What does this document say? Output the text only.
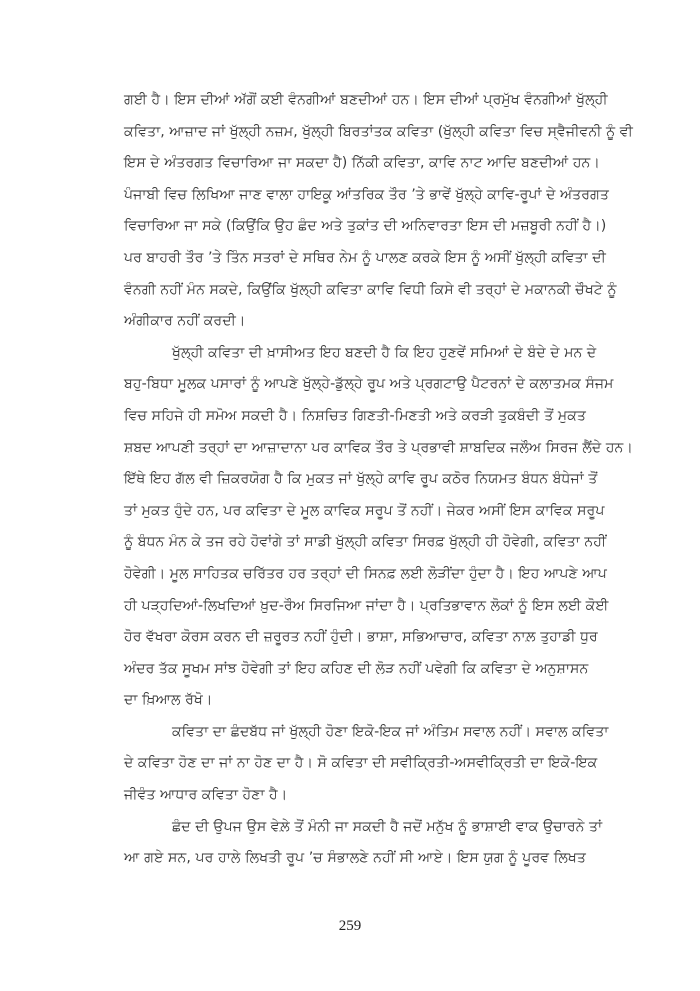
ਗਈ ਹੈ। ਇਸ ਦੀਆਂ ਅੱਗੋਂ ਕਈ ਵੰਨਗੀਆਂ ਬਣਦੀਆਂ ਹਨ। ਇਸ ਦੀਆਂ ਪ੍ਰਮੁੱਖ ਵੰਨਗੀਆਂ ਖੁੱਲ੍ਹੀ
ਕਵਿਤਾ, ਆਜ਼ਾਦ ਜਾਂ ਖੁੱਲ੍ਹੀ ਨਜ਼ਮ, ਖੁੱਲ੍ਹੀ ਬਿਰਤਾਂਤਕ ਕਵਿਤਾ (ਖੁੱਲ੍ਹੀ ਕਵਿਤਾ ਵਿਚ ਸ੍ਵੈਜੀਵਨੀ ਨੂੰ ਵੀ
ਇਸ ਦੇ ਅੰਤਰਗਤ ਵਿਚਾਰਿਆ ਜਾ ਸਕਦਾ ਹੈ) ਨਿੱਕੀ ਕਵਿਤਾ, ਕਾਵਿ ਨਾਟ ਆਦਿ ਬਣਦੀਆਂ ਹਨ।
ਪੰਜਾਬੀ ਵਿਚ ਲਿਖਿਆ ਜਾਣ ਵਾਲਾ ਹਾਇਕੂ ਆਂਤਰਿਕ ਤੌਰ ’ਤੇ ਭਾਵੇਂ ਖੁੱਲ੍ਹੇ ਕਾਵਿ-ਰੂਪਾਂ ਦੇ ਅੰਤਰਗਤ
ਵਿਚਾਰਿਆ ਜਾ ਸਕੇ (ਕਿਉਂਕਿ ਉਹ ਛੰਦ ਅਤੇ ਤੁਕਾਂਤ ਦੀ ਅਨਿਵਾਰਤਾ ਇਸ ਦੀ ਮਜ਼ਬੂਰੀ ਨਹੀਂ ਹੈ।)
ਪਰ ਬਾਹਰੀ ਤੌਰ ’ਤੇ ਤਿੰਨ ਸਤਰਾਂ ਦੇ ਸਥਿਰ ਨੇਮ ਨੂੰ ਪਾਲਣ ਕਰਕੇ ਇਸ ਨੂੰ ਅਸੀਂ ਖੁੱਲ੍ਹੀ ਕਵਿਤਾ ਦੀ
ਵੰਨਗੀ ਨਹੀਂ ਮੰਨ ਸਕਦੇ, ਕਿਉਂਕਿ ਖੁੱਲ੍ਹੀ ਕਵਿਤਾ ਕਾਵਿ ਵਿਧੀ ਕਿਸੇ ਵੀ ਤਰ੍ਹਾਂ ਦੇ ਮਕਾਨਕੀ ਚੌਖਟੇ ਨੂੰ
ਅੰਗੀਕਾਰ ਨਹੀਂ ਕਰਦੀ।
ਖੁੱਲ੍ਹੀ ਕਵਿਤਾ ਦੀ ਖ਼ਾਸੀਅਤ ਇਹ ਬਣਦੀ ਹੈ ਕਿ ਇਹ ਹੁਣਵੇਂ ਸਮਿਆਂ ਦੇ ਬੰਦੇ ਦੇ ਮਨ ਦੇ
ਬਹੁ-ਬਿਧਾ ਮੂਲਕ ਪਸਾਰਾਂ ਨੂੰ ਆਪਣੇ ਖੁੱਲ੍ਹੇ-ਡੁੱਲ੍ਹੇ ਰੂਪ ਅਤੇ ਪ੍ਰਗਟਾਉ ਪੈਟਰਨਾਂ ਦੇ ਕਲਾਤਮਕ ਸੰਜਮ
ਵਿਚ ਸਹਿਜੇ ਹੀ ਸਮੋਅ ਸਕਦੀ ਹੈ। ਨਿਸ਼ਚਿਤ ਗਿਣਤੀ-ਮਿਣਤੀ ਅਤੇ ਕਰੜੀ ਤੁਕਬੰਦੀ ਤੋਂ ਮੁਕਤ
ਸ਼ਬਦ ਆਪਣੀ ਤਰ੍ਹਾਂ ਦਾ ਆਜ਼ਾਦਾਨਾ ਪਰ ਕਾਵਿਕ ਤੌਰ ਤੇ ਪ੍ਰਭਾਵੀ ਸ਼ਾਬਦਿਕ ਜਲੌਅ ਸਿਰਜ ਲੈਂਦੇ ਹਨ।
ਇੱਥੇ ਇਹ ਗੱਲ ਵੀ ਜ਼ਿਕਰਯੋਗ ਹੈ ਕਿ ਮੁਕਤ ਜਾਂ ਖੁੱਲ੍ਹੇ ਕਾਵਿ ਰੂਪ ਕਠੋਰ ਨਿਯਮਤ ਬੰਧਨ ਬੰਧੇਜਾਂ ਤੋਂ
ਤਾਂ ਮੁਕਤ ਹੁੰਦੇ ਹਨ, ਪਰ ਕਵਿਤਾ ਦੇ ਮੂਲ ਕਾਵਿਕ ਸਰੂਪ ਤੋਂ ਨਹੀਂ। ਜੇਕਰ ਅਸੀਂ ਇਸ ਕਾਵਿਕ ਸਰੂਪ
ਨੂੰ ਬੰਧਨ ਮੰਨ ਕੇ ਤਜ ਰਹੇ ਹੋਵਾਂਗੇ ਤਾਂ ਸਾਡੀ ਖੁੱਲ੍ਹੀ ਕਵਿਤਾ ਸਿਰਫ਼ ਖੁੱਲ੍ਹੀ ਹੀ ਹੋਵੇਗੀ, ਕਵਿਤਾ ਨਹੀਂ
ਹੋਵੇਗੀ। ਮੂਲ ਸਾਹਿਤਕ ਚਰਿੱਤਰ ਹਰ ਤਰ੍ਹਾਂ ਦੀ ਸਿਨਫ਼ ਲਈ ਲੋੜੀਂਦਾ ਹੁੰਦਾ ਹੈ। ਇਹ ਆਪਣੇ ਆਪ
ਹੀ ਪੜ੍ਹਦਿਆਂ-ਲਿਖਦਿਆਂ ਖ਼ੁਦ-ਰੌਅ ਸਿਰਜਿਆ ਜਾਂਦਾ ਹੈ। ਪ੍ਰਤਿਭਾਵਾਨ ਲੋਕਾਂ ਨੂੰ ਇਸ ਲਈ ਕੋਈ
ਹੋਰ ਵੱਖਰਾ ਕੋਰਸ ਕਰਨ ਦੀ ਜ਼ਰੂਰਤ ਨਹੀਂ ਹੁੰਦੀ। ਭਾਸ਼ਾ, ਸਭਿਆਚਾਰ, ਕਵਿਤਾ ਨਾਲ਼ ਤੁਹਾਡੀ ਧੁਰ
ਅੰਦਰ ਤੱਕ ਸੂਖਮ ਸਾਂਝ ਹੋਵੇਗੀ ਤਾਂ ਇਹ ਕਹਿਣ ਦੀ ਲੋੜ ਨਹੀਂ ਪਵੇਗੀ ਕਿ ਕਵਿਤਾ ਦੇ ਅਨੁਸ਼ਾਸਨ
ਦਾ ਖ਼ਿਆਲ ਰੱਖੋ।
ਕਵਿਤਾ ਦਾ ਛੰਦਬੱਧ ਜਾਂ ਖੁੱਲ੍ਹੀ ਹੋਣਾ ਇਕੋ-ਇਕ ਜਾਂ ਅੰਤਿਮ ਸਵਾਲ ਨਹੀਂ। ਸਵਾਲ ਕਵਿਤਾ
ਦੇ ਕਵਿਤਾ ਹੋਣ ਦਾ ਜਾਂ ਨਾ ਹੋਣ ਦਾ ਹੈ। ਸੋ ਕਵਿਤਾ ਦੀ ਸਵੀਕ੍ਰਿਤੀ-ਅਸਵੀਕ੍ਰਿਤੀ ਦਾ ਇਕੋ-ਇਕ
ਜੀਵੰਤ ਆਧਾਰ ਕਵਿਤਾ ਹੋਣਾ ਹੈ।
ਛੰਦ ਦੀ ਉਪਜ ਉਸ ਵੇਲ਼ੇ ਤੋਂ ਮੰਨੀ ਜਾ ਸਕਦੀ ਹੈ ਜਦੋਂ ਮਨੁੱਖ ਨੂੰ ਭਾਸ਼ਾਈ ਵਾਕ ਉਚਾਰਨੇ ਤਾਂ
ਆ ਗਏ ਸਨ, ਪਰ ਹਾਲੇ ਲਿਖਤੀ ਰੂਪ ’ਚ ਸੰਭਾਲਣੇ ਨਹੀਂ ਸੀ ਆਏ। ਇਸ ਯੁਗ ਨੂੰ ਪੂਰਵ ਲਿਖਤ
259
